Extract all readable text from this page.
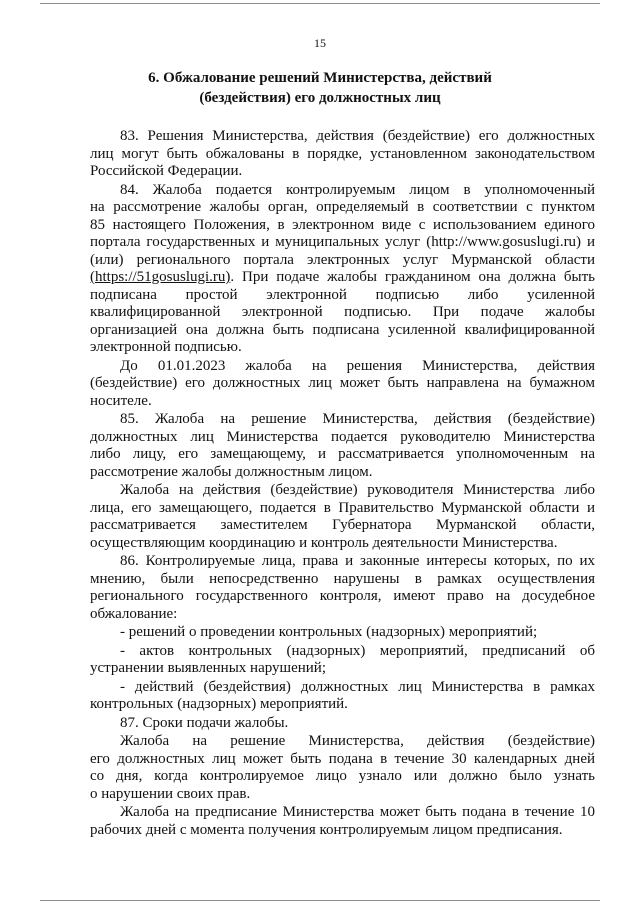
15
6. Обжалование решений Министерства, действий
(бездействия) его должностных лиц
83. Решения Министерства, действия (бездействие) его должностных
лиц могут быть обжалованы в порядке, установленном законодательством
Российской Федерации.
84. Жалоба подается контролируемым лицом в уполномоченный
на рассмотрение жалобы орган, определяемый в соответствии с пунктом
85 настоящего Положения, в электронном виде с использованием единого
портала государственных и муниципальных услуг (http://www.gosuslugi.ru) и
(или) регионального портала электронных услуг Мурманской области
(https://51gosuslugi.ru). При подаче жалобы гражданином она должна быть
подписана простой электронной подписью либо усиленной
квалифицированной электронной подписью. При подаче жалобы
организацией она должна быть подписана усиленной квалифицированной
электронной подписью.
До 01.01.2023 жалоба на решения Министерства, действия
(бездействие) его должностных лиц может быть направлена на бумажном
носителе.
85. Жалоба на решение Министерства, действия (бездействие)
должностных лиц Министерства подается руководителю Министерства
либо лицу, его замещающему, и рассматривается уполномоченным на
рассмотрение жалобы должностным лицом.
Жалоба на действия (бездействие) руководителя Министерства либо
лица, его замещающего, подается в Правительство Мурманской области и
рассматривается заместителем Губернатора Мурманской области,
осуществляющим координацию и контроль деятельности Министерства.
86. Контролируемые лица, права и законные интересы которых, по их
мнению, были непосредственно нарушены в рамках осуществления
регионального государственного контроля, имеют право на досудебное
обжалование:
- решений о проведении контрольных (надзорных) мероприятий;
- актов контрольных (надзорных) мероприятий, предписаний об
устранении выявленных нарушений;
- действий (бездействия) должностных лиц Министерства в рамках
контрольных (надзорных) мероприятий.
87. Сроки подачи жалобы.
Жалоба на решение Министерства, действия (бездействие)
его должностных лиц может быть подана в течение 30 календарных дней
со дня, когда контролируемое лицо узнало или должно было узнать
о нарушении своих прав.
Жалоба на предписание Министерства может быть подана в течение 10
рабочих дней с момента получения контролируемым лицом предписания.
